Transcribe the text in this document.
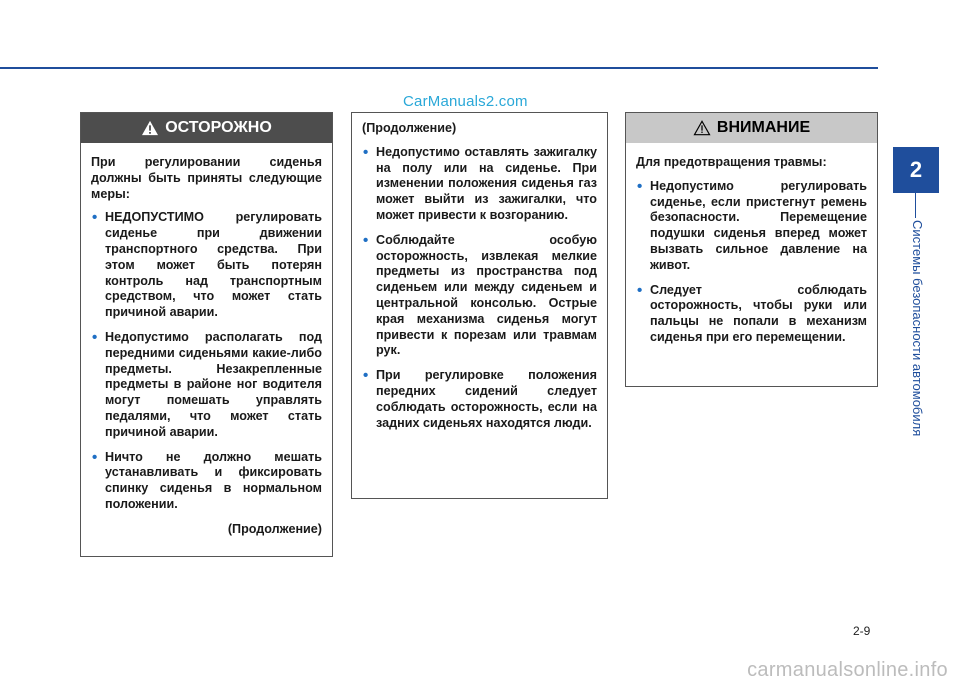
CarManuals2.com
ОСТОРОЖНО

При регулировании сиденья должны быть приняты следующие меры:

• НЕДОПУСТИМО регулировать сиденье при движении транспортного средства. При этом может быть потерян контроль над транспортным средством, что может стать причиной аварии.
• Недопустимо располагать под передними сиденьями какие-либо предметы. Незакрепленные предметы в районе ног водителя могут помешать управлять педалями, что может стать причиной аварии.
• Ничто не должно мешать устанавливать и фиксировать спинку сиденья в нормальном положении.
(Продолжение)

(Продолжение)

• Недопустимо оставлять зажигалку на полу или на сиденье. При изменении положения сиденья газ может выйти из зажигалки, что может привести к возгоранию.
• Соблюдайте особую осторожность, извлекая мелкие предметы из пространства под сиденьем или между сиденьем и центральной консолью. Острые края механизма сиденья могут привести к порезам или травмам рук.
• При регулировке положения передних сидений следует соблюдать осторожность, если на задних сиденьях находятся люди.
ВНИМАНИЕ

Для предотвращения травмы:

• Недопустимо регулировать сиденье, если пристегнут ремень безопасности. Перемещение подушки сиденья вперед может вызвать сильное давление на живот.
• Следует соблюдать осторожность, чтобы руки или пальцы не попали в механизм сиденья при его перемещении.
2
Системы безопасности автомобиля
2-9
carmanualsonline.info
